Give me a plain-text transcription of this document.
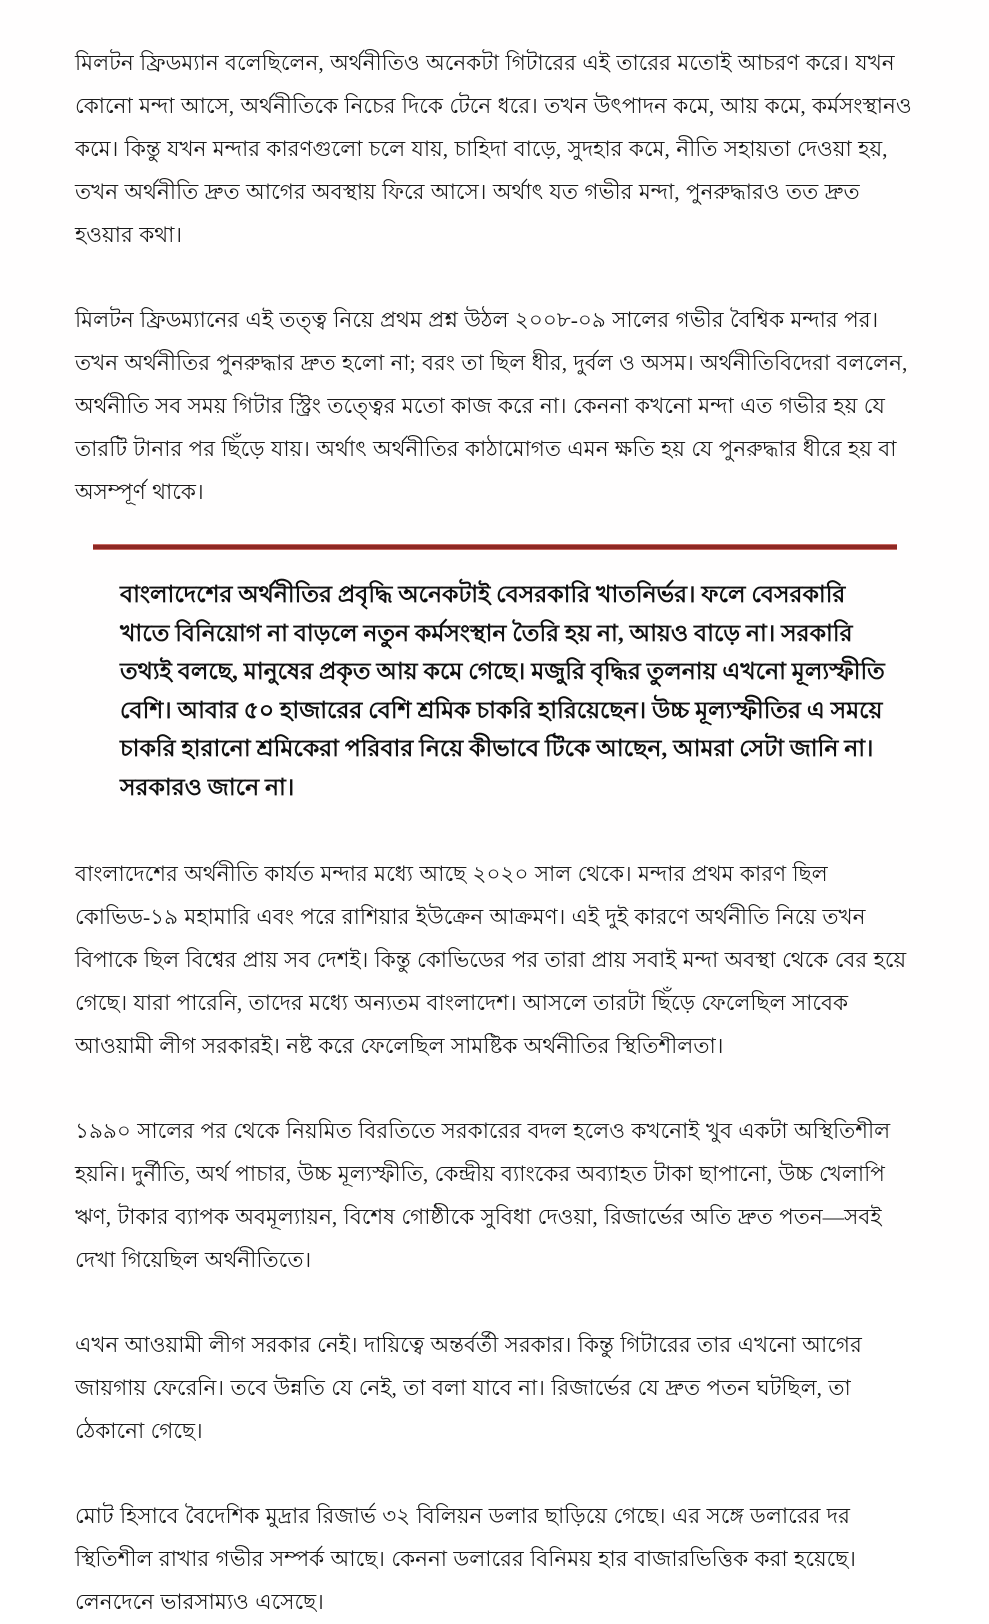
মিলটন ফ্রিডম্যান বলেছিলেন, অর্থনীতিও অনেকটা গিটারের এই তারের মতোই আচরণ করে। যখন কোনো মন্দা আসে, অর্থনীতিকে নিচের দিকে টেনে ধরে। তখন উৎপাদন কমে, আয় কমে, কর্মসংস্থানও কমে। কিন্তু যখন মন্দার কারণগুলো চলে যায়, চাহিদা বাড়ে, সুদহার কমে, নীতি সহায়তা দেওয়া হয়, তখন অর্থনীতি দ্রুত আগের অবস্থায় ফিরে আসে। অর্থাৎ যত গভীর মন্দা, পুনরুদ্ধারও তত দ্রুত হওয়ার কথা।

মিলটন ফ্রিডম্যানের এই তত্ত্ব নিয়ে প্রথম প্রশ্ন উঠল ২০০৮-০৯ সালের গভীর বৈশ্বিক মন্দার পর। তখন অর্থনীতির পুনরুদ্ধার দ্রুত হলো না; বরং তা ছিল ধীর, দুর্বল ও অসম। অর্থনীতিবিদেরা বললেন, অর্থনীতি সব সময় গিটার স্ট্রিং তত্ত্বের মতো কাজ করে না। কেননা কখনো মন্দা এত গভীর হয় যে তারটি টানার পর ছিঁড়ে যায়। অর্থাৎ অর্থনীতির কাঠামোগত এমন ক্ষতি হয় যে পুনরুদ্ধার ধীরে হয় বা অসম্পূর্ণ থাকে।

বাংলাদেশের অর্থনীতির প্রবৃদ্ধি অনেকটাই বেসরকারি খাতনির্ভর। ফলে বেসরকারি খাতে বিনিয়োগ না বাড়লে নতুন কর্মসংস্থান তৈরি হয় না, আয়ও বাড়ে না। সরকারি তথ্যই বলছে, মানুষের প্রকৃত আয় কমে গেছে। মজুরি বৃদ্ধির তুলনায় এখনো মূল্যস্ফীতি বেশি। আবার ৫০ হাজারের বেশি শ্রমিক চাকরি হারিয়েছেন। উচ্চ মূল্যস্ফীতির এ সময়ে চাকরি হারানো শ্রমিকেরা পরিবার নিয়ে কীভাবে টিকে আছেন, আমরা সেটা জানি না। সরকারও জানে না।

বাংলাদেশের অর্থনীতি কার্যত মন্দার মধ্যে আছে ২০২০ সাল থেকে। মন্দার প্রথম কারণ ছিল কোভিড-১৯ মহামারি এবং পরে রাশিয়ার ইউক্রেন আক্রমণ। এই দুই কারণে অর্থনীতি নিয়ে তখন বিপাকে ছিল বিশ্বের প্রায় সব দেশই। কিন্তু কোভিডের পর তারা প্রায় সবাই মন্দা অবস্থা থেকে বের হয়ে গেছে। যারা পারেনি, তাদের মধ্যে অন্যতম বাংলাদেশ। আসলে তারটা ছিঁড়ে ফেলেছিল সাবেক আওয়ামী লীগ সরকারই। নষ্ট করে ফেলেছিল সামষ্টিক অর্থনীতির স্থিতিশীলতা।

১৯৯০ সালের পর থেকে নিয়মিত বিরতিতে সরকারের বদল হলেও কখনোই খুব একটা অস্থিতিশীল হয়নি। দুর্নীতি, অর্থ পাচার, উচ্চ মূল্যস্ফীতি, কেন্দ্রীয় ব্যাংকের অব্যাহত টাকা ছাপানো, উচ্চ খেলাপি ঋণ, টাকার ব্যাপক অবমূল্যায়ন, বিশেষ গোষ্ঠীকে সুবিধা দেওয়া, রিজার্ভের অতি দ্রুত পতন—সবই দেখা গিয়েছিল অর্থনীতিতে।

এখন আওয়ামী লীগ সরকার নেই। দায়িত্বে অন্তর্বর্তী সরকার। কিন্তু গিটারের তার এখনো আগের জায়গায় ফেরেনি। তবে উন্নতি যে নেই, তা বলা যাবে না। রিজার্ভের যে দ্রুত পতন ঘটছিল, তা ঠেকানো গেছে।

মোট হিসাবে বৈদেশিক মুদ্রার রিজার্ভ ৩২ বিলিয়ন ডলার ছাড়িয়ে গেছে। এর সঙ্গে ডলারের দর স্থিতিশীল রাখার গভীর সম্পর্ক আছে। কেননা ডলারের বিনিময় হার বাজারভিত্তিক করা হয়েছে। লেনদেনে ভারসাম্যও এসেছে।
